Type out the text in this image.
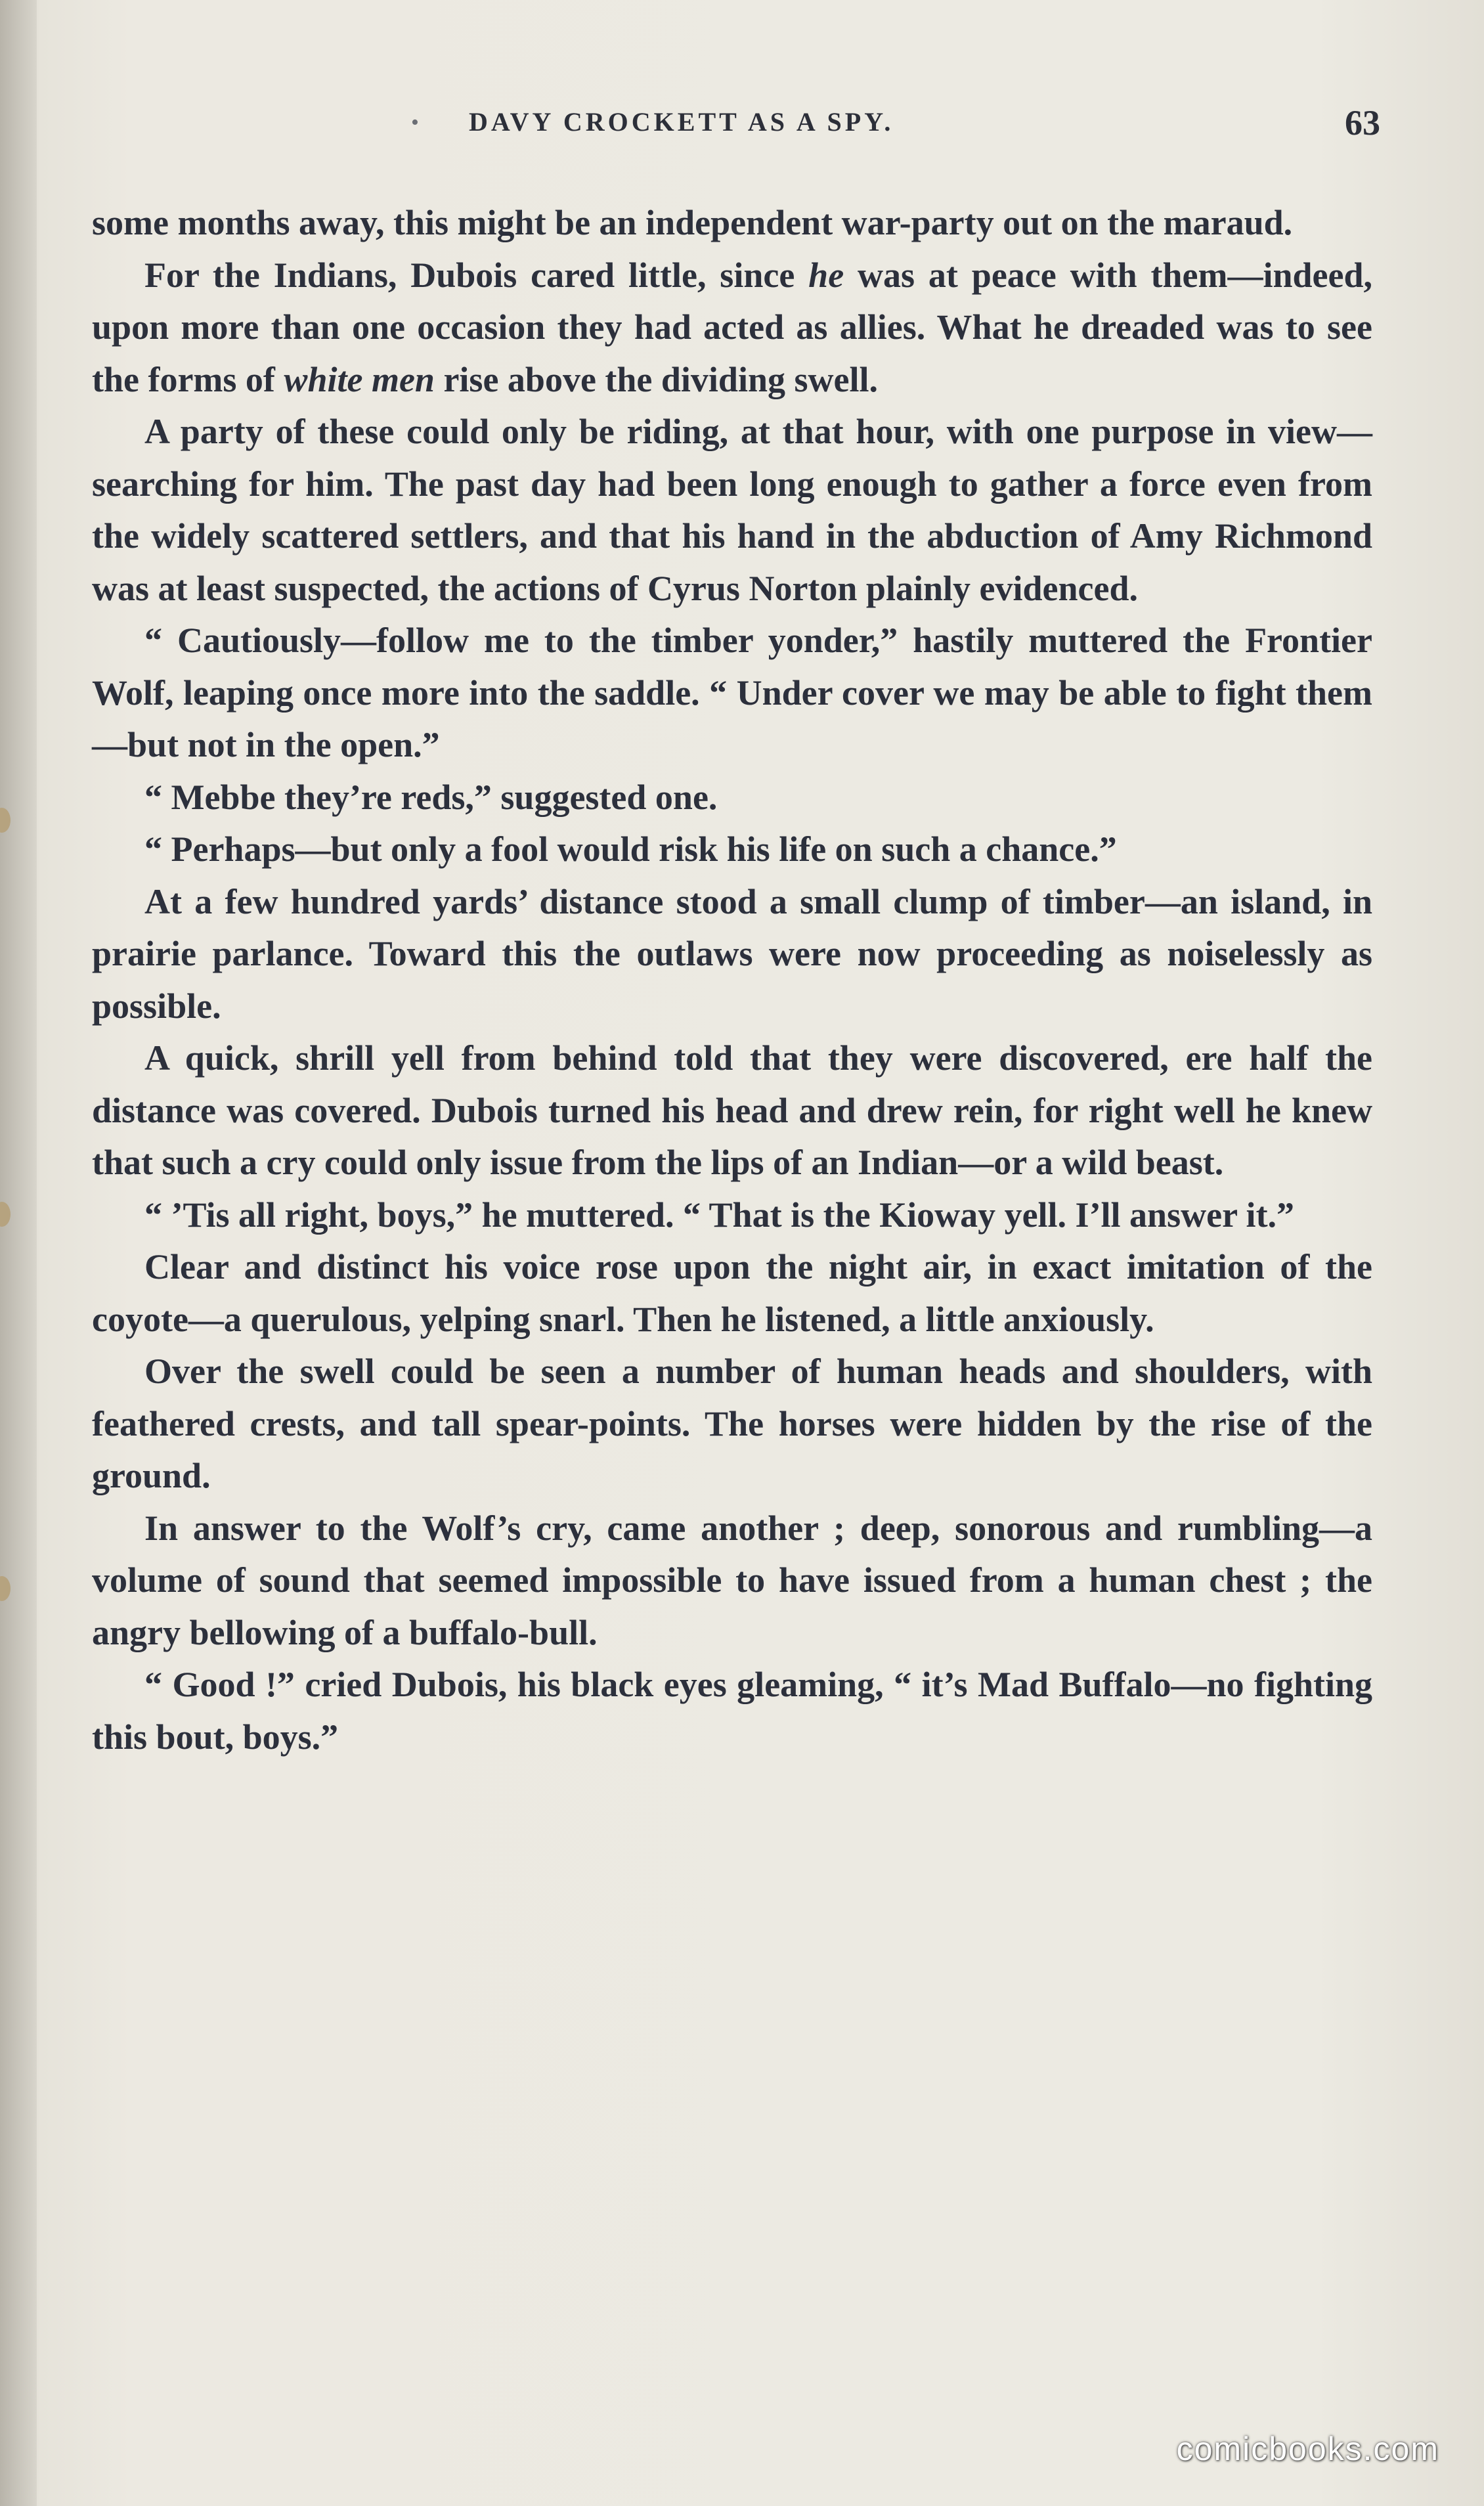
• DAVY CROCKETT AS A SPY.	63

some months away, this might be an independent war-party out on the maraud.

For the Indians, Dubois cared little, since he was at peace with them—indeed, upon more than one occasion they had acted as allies. What he dreaded was to see the forms of white men rise above the dividing swell.

A party of these could only be riding, at that hour, with one purpose in view—searching for him. The past day had been long enough to gather a force even from the widely scattered settlers, and that his hand in the abduction of Amy Richmond was at least suspected, the actions of Cyrus Norton plainly evidenced.

“ Cautiously—follow me to the timber yonder,” hastily muttered the Frontier Wolf, leaping once more into the saddle. “ Under cover we may be able to fight them—but not in the open.”

“ Mebbe they’re reds,” suggested one.

“ Perhaps—but only a fool would risk his life on such a chance.”

At a few hundred yards’ distance stood a small clump of timber—an island, in prairie parlance. Toward this the outlaws were now proceeding as noiselessly as possible.

A quick, shrill yell from behind told that they were discovered, ere half the distance was covered. Dubois turned his head and drew rein, for right well he knew that such a cry could only issue from the lips of an Indian—or a wild beast.

“ ’Tis all right, boys,” he muttered. “ That is the Kioway yell. I’ll answer it.”

Clear and distinct his voice rose upon the night air, in exact imitation of the coyote—a querulous, yelping snarl. Then he listened, a little anxiously.

Over the swell could be seen a number of human heads and shoulders, with feathered crests, and tall spear-points. The horses were hidden by the rise of the ground.

In answer to the Wolf’s cry, came another ; deep, sonorous and rumbling—a volume of sound that seemed impossible to have issued from a human chest ; the angry bellowing of a buffalo-bull.

“ Good !” cried Dubois, his black eyes gleaming, “ it’s Mad Buffalo—no fighting this bout, boys.”

comicbooks.com
